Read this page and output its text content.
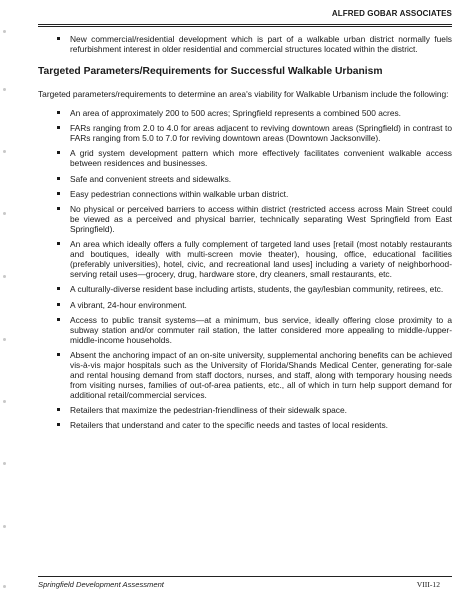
ALFRED GOBAR ASSOCIATES
New commercial/residential development which is part of a walkable urban district normally fuels refurbishment interest in older residential and commercial structures located within the district.
Targeted Parameters/Requirements for Successful Walkable Urbanism

Targeted parameters/requirements to determine an area's viability for Walkable Urbanism include the following:

An area of approximately 200 to 500 acres; Springfield represents a combined 500 acres.
FARs ranging from 2.0 to 4.0 for areas adjacent to reviving downtown areas (Springfield) in contrast to FARs ranging from 5.0 to 7.0 for reviving downtown areas (Downtown Jacksonville).
A grid system development pattern which more effectively facilitates convenient walkable access between residences and businesses.
Safe and convenient streets and sidewalks.
Easy pedestrian connections within walkable urban district.
No physical or perceived barriers to access within district (restricted access across Main Street could be viewed as a perceived and physical barrier, technically separating West Springfield from East Springfield).
An area which ideally offers a fully complement of targeted land uses [retail (most notably restaurants and boutiques, ideally with multi-screen movie theater), housing, office, educational facilities (preferably universities), hotel, civic, and recreational land uses] including a variety of neighborhood-serving retail uses—grocery, drug, hardware store, dry cleaners, small restaurants, etc.
A culturally-diverse resident base including artists, students, the gay/lesbian community, retirees, etc.
A vibrant, 24-hour environment.
Access to public transit systems—at a minimum, bus service, ideally offering close proximity to a subway station and/or commuter rail station, the latter considered more appealing to middle-/upper-middle-income households.
Absent the anchoring impact of an on-site university, supplemental anchoring benefits can be achieved vis-à-vis major hospitals such as the University of Florida/Shands Medical Center, generating for-sale and rental housing demand from staff doctors, nurses, and staff, along with temporary housing needs from visiting nurses, families of out-of-area patients, etc., all of which in turn help support demand for additional retail/commercial services.
Retailers that maximize the pedestrian-friendliness of their sidewalk space.
Retailers that understand and cater to the specific needs and tastes of local residents.
Springfield Development Assessment	VIII-12
